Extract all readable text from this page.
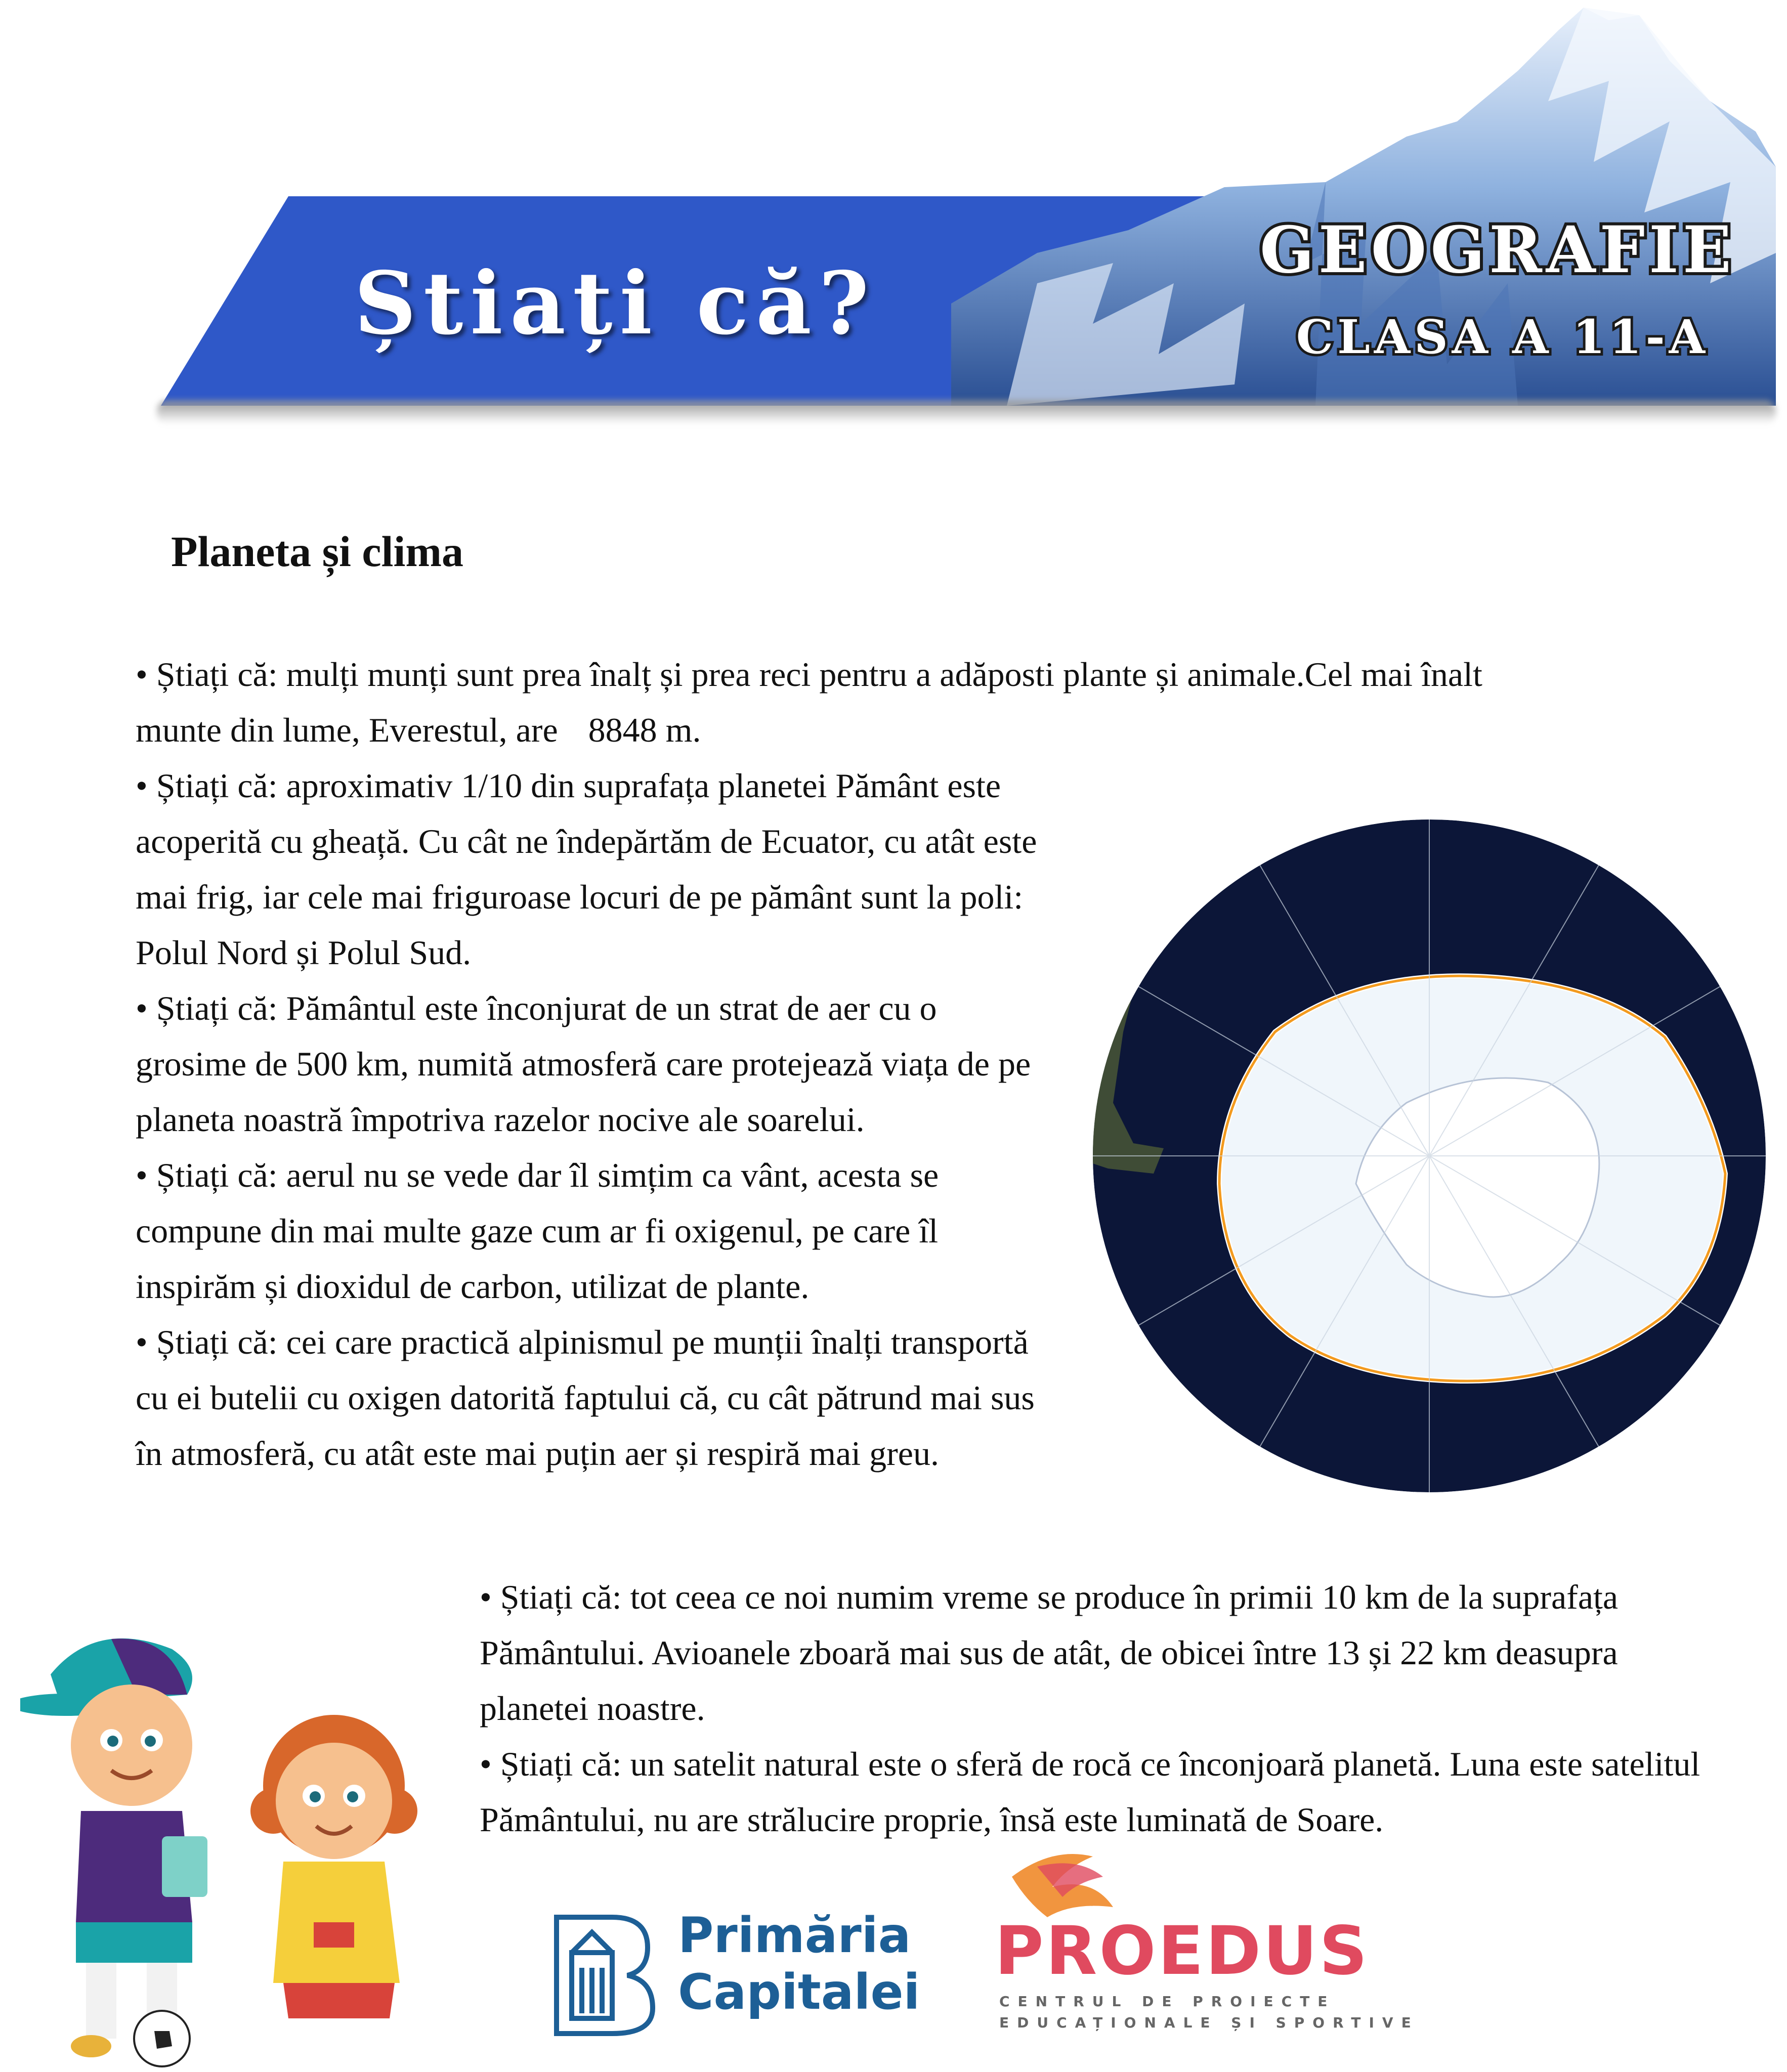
Știați că?
GEOGRAFIE
CLASA A 11-A
Planeta și clima
• Știați că: mulți munți sunt prea înalț și prea reci pentru a adăposti plante și animale.Cel mai înalt munte din lume, Everestul, are 8848 m.

• Știați că: aproximativ 1/10 din suprafața planetei Pământ este acoperită cu gheață. Cu cât ne îndepărtăm de Ecuator, cu atât este mai frig, iar cele mai friguroase locuri de pe pământ sunt la poli: Polul Nord și Polul Sud.

• Știați că: Pământul este înconjurat de un strat de aer cu o grosime de 500 km, numită atmosferă care protejează viața de pe planeta noastră împotriva razelor nocive ale soarelui.

• Știați că: aerul nu se vede dar îl simțim ca vânt, acesta se compune din mai multe gaze cum ar fi oxigenul, pe care îl inspirăm și dioxidul de carbon, utilizat de plante.

• Știați că: cei care practică alpinismul pe munții înalți transportă cu ei butelii cu oxigen datorită faptului că, cu cât pătrund mai sus în atmosferă, cu atât este mai puțin aer și respiră mai greu.

• Știați că: tot ceea ce noi numim vreme se produce în primii 10 km de la suprafața Pământului. Avioanele zboară mai sus de atât, de obicei între 13 și 22 km deasupra planetei noastre.

• Știați că: un satelit natural este o sferă de rocă ce înconjoară planetă. Luna este satelitul Pământului, nu are strălucire proprie, însă este luminată de Soare.

Primăria
Capitalei
PROEDUS
CENTRUL DE PROIECTE
EDUCAȚIONALE ȘI SPORTIVE
